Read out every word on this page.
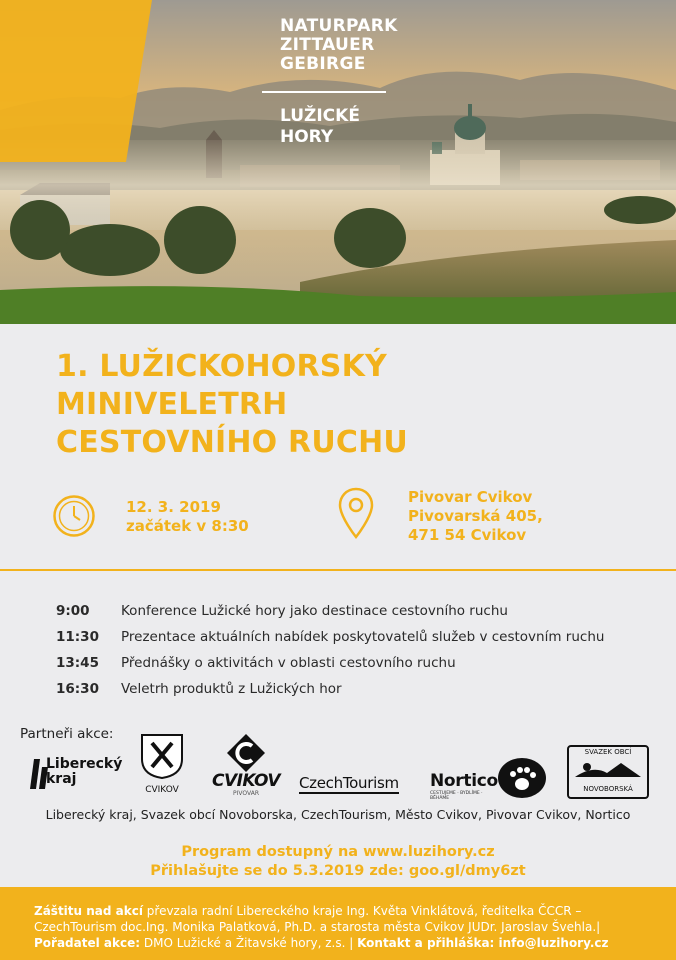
NATURPARK
ZITTAUER
GEBIRGE
LUŽICKÉ
HORY
1. LUŽICKOHORSKÝ
MINIVELETRH
CESTOVNÍHO RUCHU
12. 3. 2019
začátek v 8:30
Pivovar Cvikov
Pivovarská 405,
471 54 Cvikov
9:00	Konference Lužické hory jako destinace cestovního ruchu
11:30	Prezentace aktuálních nabídek poskytovatelů služeb v cestovním ruchu
13:45	Přednášky o aktivitách v oblasti cestovního ruchu
16:30	Veletrh produktů z Lužických hor
Partneři akce:
Liberecký kraj
CVIKOV	CVIKOV
PIVOVAR
CzechTourism Nortico
CESTUJEME · BYDLÍME · BĚHÁME
SVAZEK OBCÍ
NOVOBORSKÁ
Liberecký kraj, Svazek obcí Novoborska, CzechTourism, Město Cvikov, Pivovar Cvikov, Nortico
Program dostupný na www.luzihory.cz
Přihlašujte se do 5.3.2019 zde: goo.gl/dmy6zt
Záštitu nad akcí převzala radní Libereckého kraje Ing. Květa Vinklátová, ředitelka ČCCR – CzechTourism doc.Ing. Monika Palatková, Ph.D. a starosta města Cvikov JUDr. Jaroslav Švehla.| Pořadatel akce: DMO Lužické a Žitavské hory, z.s. | Kontakt a přihláška: info@luzihory.cz
